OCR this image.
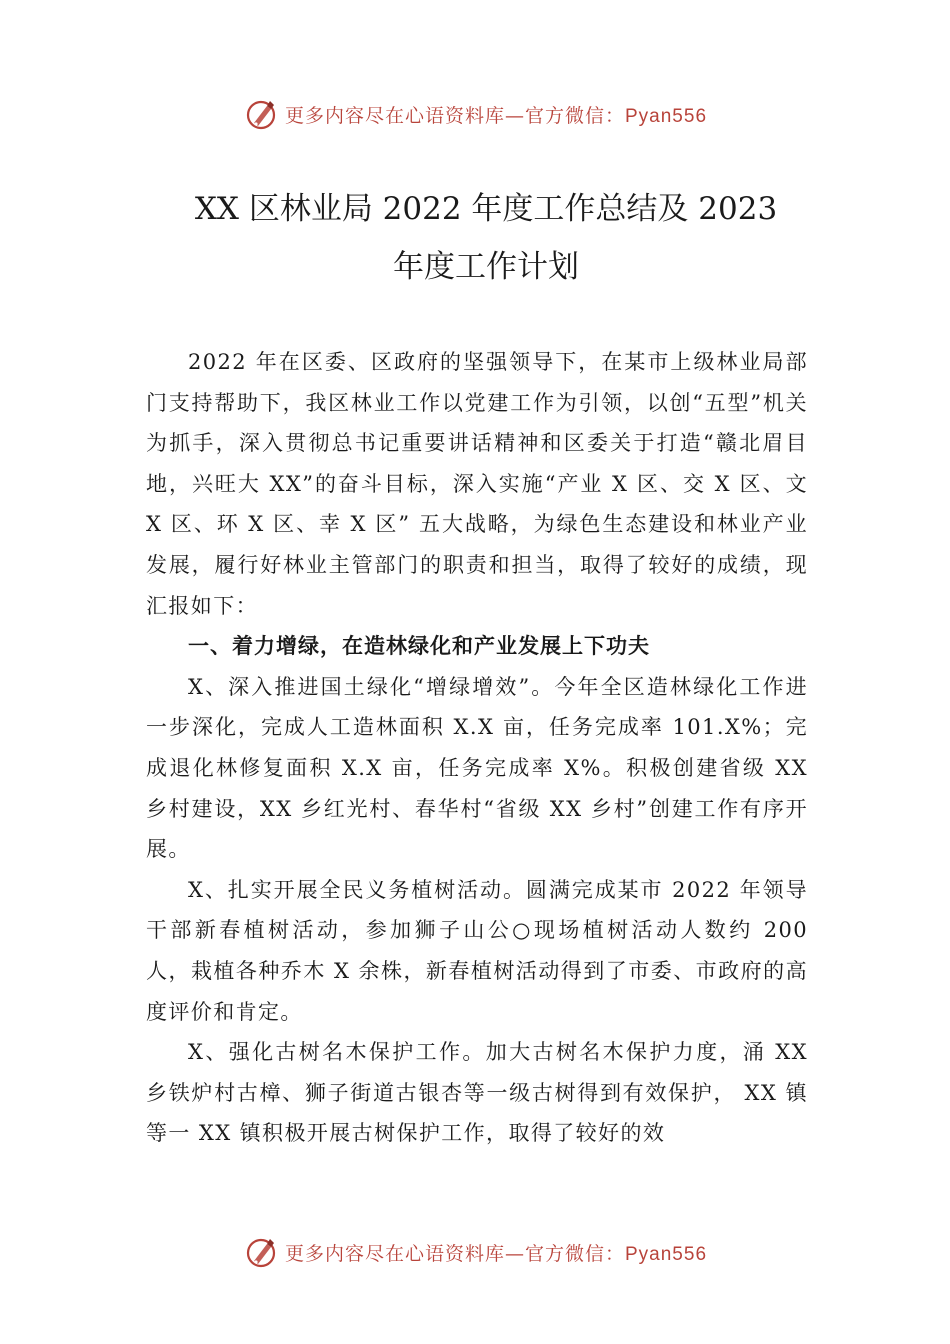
更多内容尽在心语资料库—官方微信：Pyan556
XX 区林业局 2022 年度工作总结及 2023
年度工作计划

2022 年在区委、区政府的坚强领导下，在某市上级林业局部门支持帮助下，我区林业工作以党建工作为引领，以创“五型”机关为抓手，深入贯彻总书记重要讲话精神和区委关于打造“赣北眉目地，兴旺大 XX”的奋斗目标，深入实施“产业 X 区、交 X 区、文 X 区、环 X 区、幸 X 区” 五大战略，为绿色生态建设和林业产业发展，履行好林业主管部门的职责和担当，取得了较好的成绩，现汇报如下：

一、着力增绿，在造林绿化和产业发展上下功夫

X、深入推进国土绿化“增绿增效”。今年全区造林绿化工作进一步深化，完成人工造林面积 X.X 亩，任务完成率 101.X%；完成退化林修复面积 X.X 亩，任务完成率 X%。积极创建省级 XX 乡村建设，XX 乡红光村、春华村“省级 XX 乡村”创建工作有序开展。

X、扎实开展全民义务植树活动。圆满完成某市 2022 年领导干部新春植树活动，参加狮子山公○现场植树活动人数约 200 人，栽植各种乔木 X 余株，新春植树活动得到了市委、市政府的高度评价和肯定。

X、强化古树名木保护工作。加大古树名木保护力度，涌 XX 乡铁炉村古樟、狮子街道古银杏等一级古树得到有效保护， XX 镇等一 XX 镇积极开展古树保护工作，取得了较好的效

更多内容尽在心语资料库—官方微信：Pyan556
